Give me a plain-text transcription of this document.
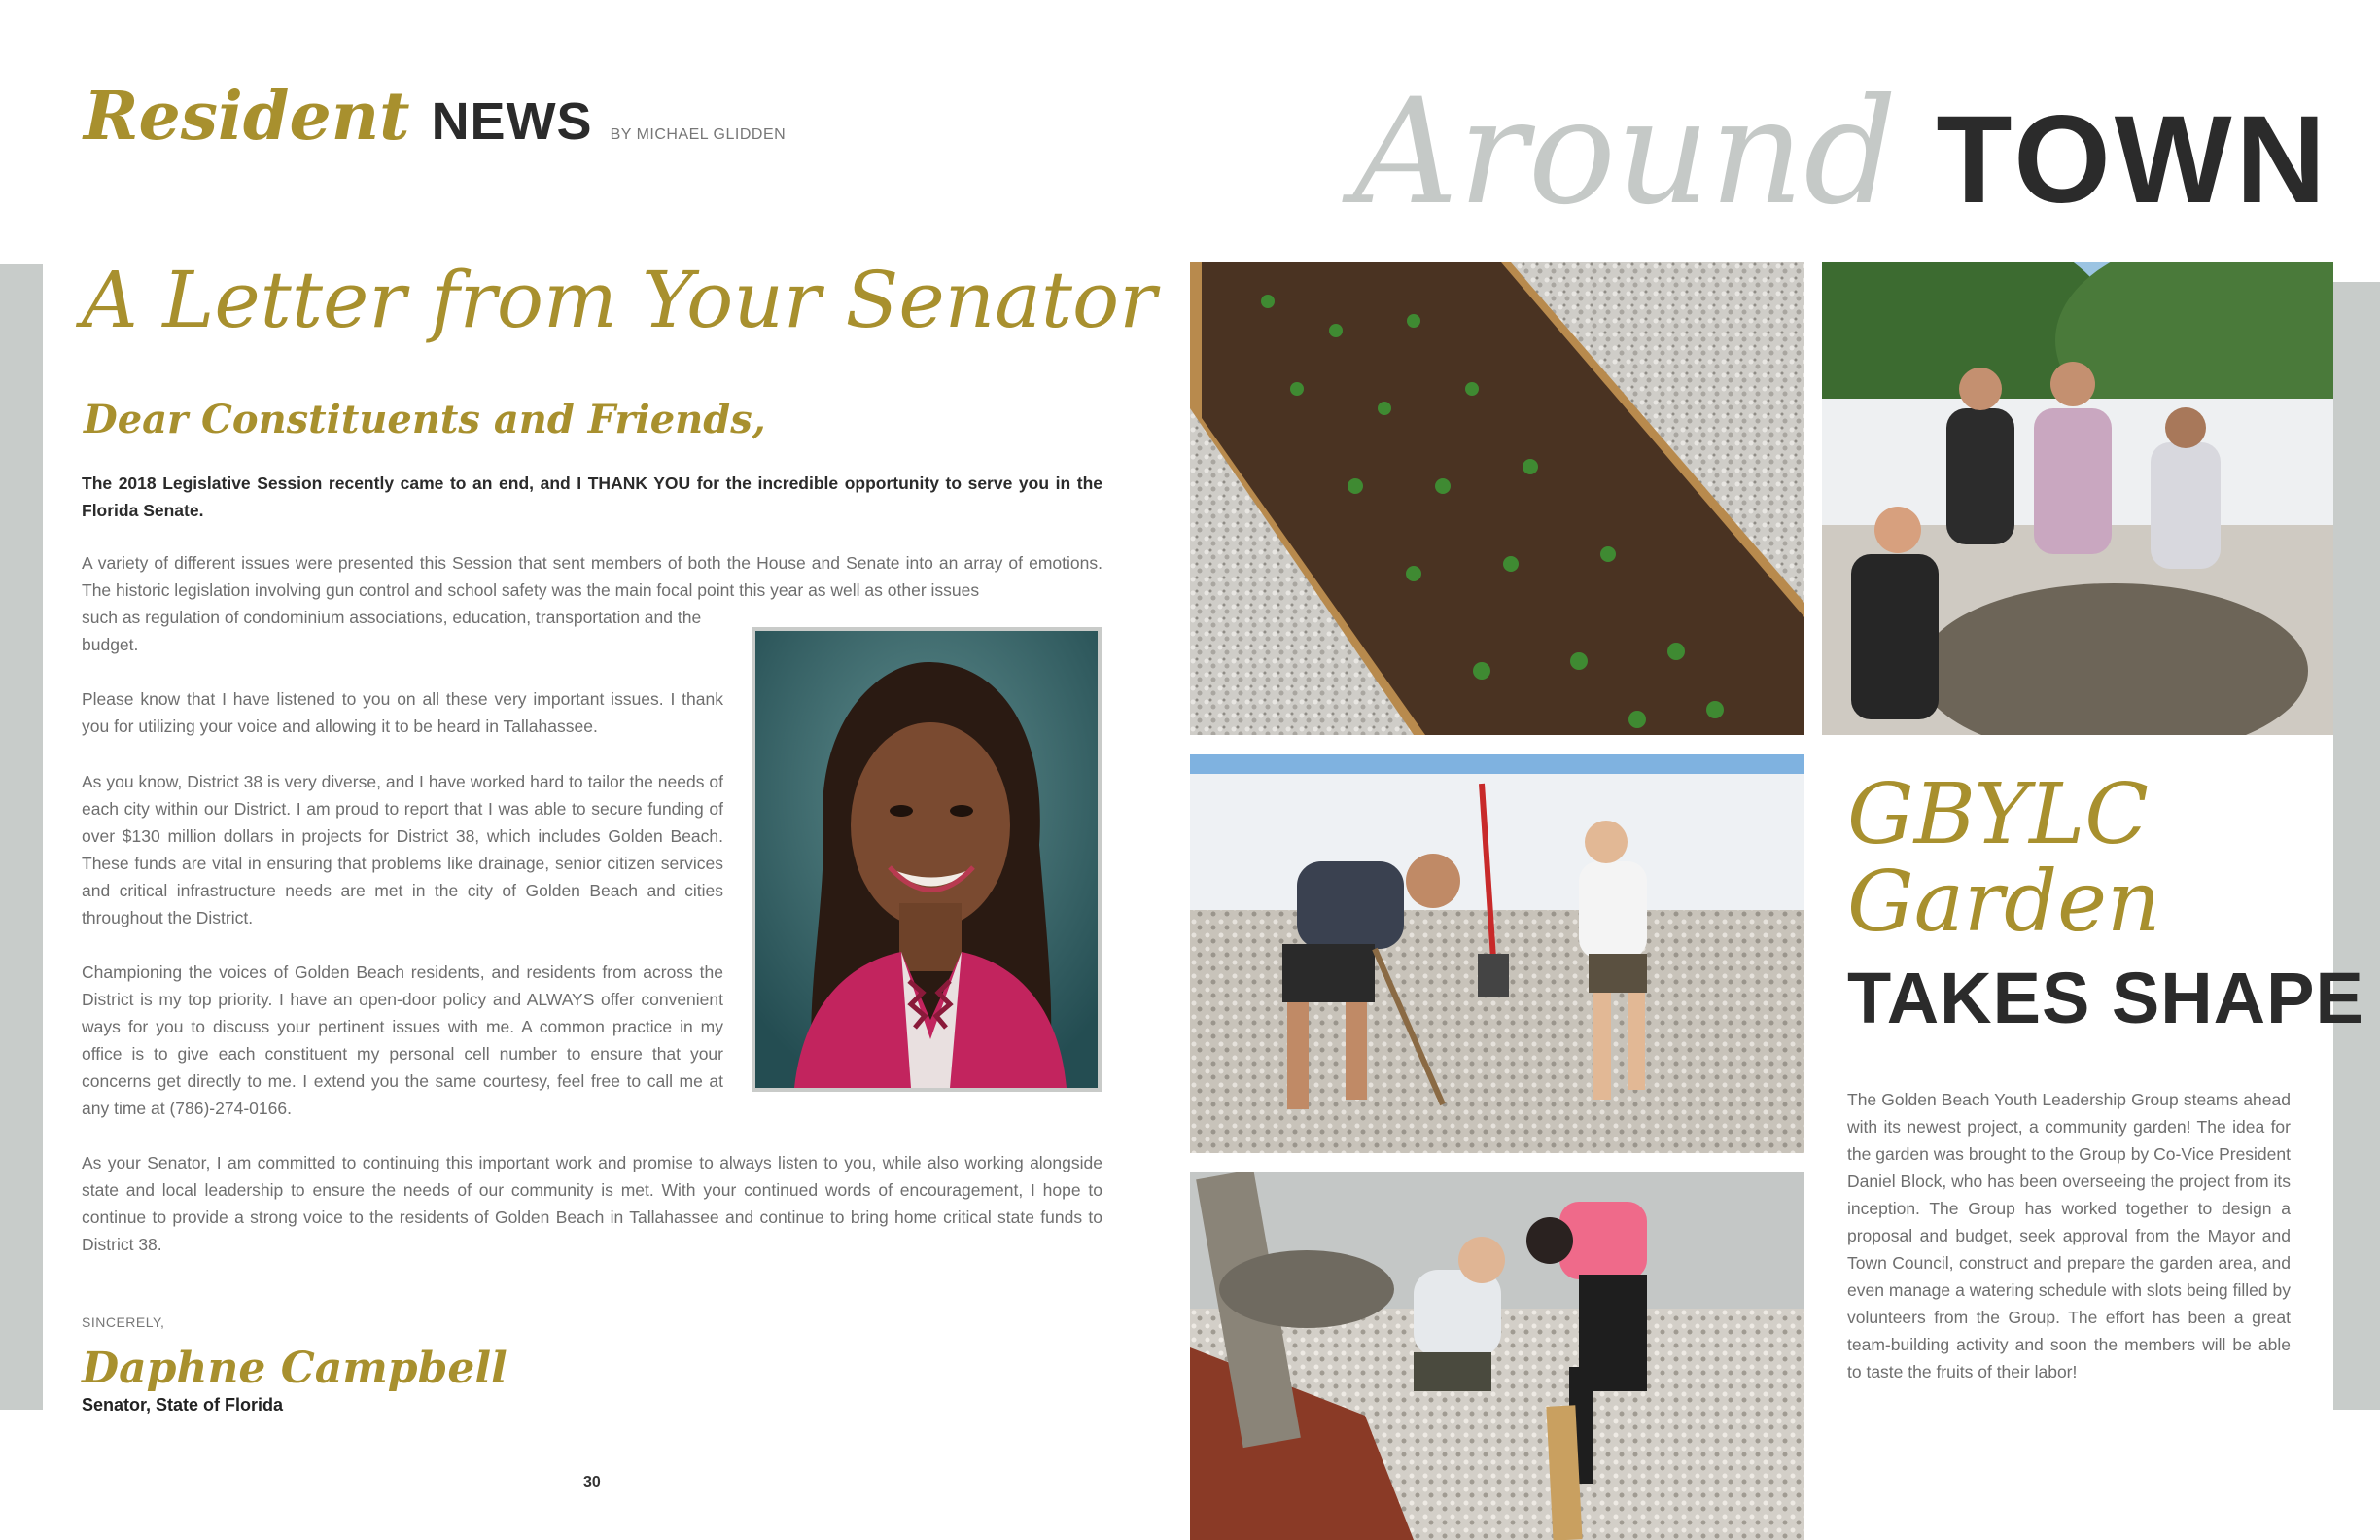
Resident NEWS BY MICHAEL GLIDDEN	Around TOWN
A Letter from Your Senator
Dear Constituents and Friends,

The 2018 Legislative Session recently came to an end, and I THANK YOU for the incredible opportunity to serve you in the Florida Senate.

A variety of different issues were presented this Session that sent members of both the House and Senate into an array of emotions. The historic legislation involving gun control and school safety was the main focal point this year as well as other issues

such as regulation of condominium associations, education, transportation and the budget.

Please know that I have listened to you on all these very important issues. I thank you for utilizing your voice and allowing it to be heard in Tallahassee.

As you know, District 38 is very diverse, and I have worked hard to tailor the needs of each city within our District. I am proud to report that I was able to secure funding of over $130 million dollars in projects for District 38, which includes Golden Beach. These funds are vital in ensuring that problems like drainage, senior citizen services and critical infrastructure needs are met in the city of Golden Beach and cities throughout the District.

Championing the voices of Golden Beach residents, and residents from across the District is my top priority. I have an open-door policy and ALWAYS offer convenient ways for you to discuss your pertinent issues with me. A common practice in my office is to give each constituent my personal cell number to ensure that your concerns get directly to me. I extend you the same courtesy, feel free to call me at any time at (786)-274-0166.

As your Senator, I am committed to continuing this important work and promise to always listen to you, while also working alongside state and local leadership to ensure the needs of our community is met. With your continued words of encouragement, I hope to continue to provide a strong voice to the residents of Golden Beach in Tallahassee and continue to bring home critical state funds to District 38.

SINCERELY,
Daphne Campbell
Senator, State of Florida
30
GBYLC
Garden
TAKES SHAPE

The Golden Beach Youth Leadership Group steams ahead with its newest project, a community garden! The idea for the garden was brought to the Group by Co-Vice President Daniel Block, who has been overseeing the project from its inception. The Group has worked together to design a proposal and budget, seek approval from the Mayor and Town Council, construct and prepare the garden area, and even manage a watering schedule with slots being filled by volunteers from the Group. The effort has been a great team-building activity and soon the members will be able to taste the fruits of their labor!
